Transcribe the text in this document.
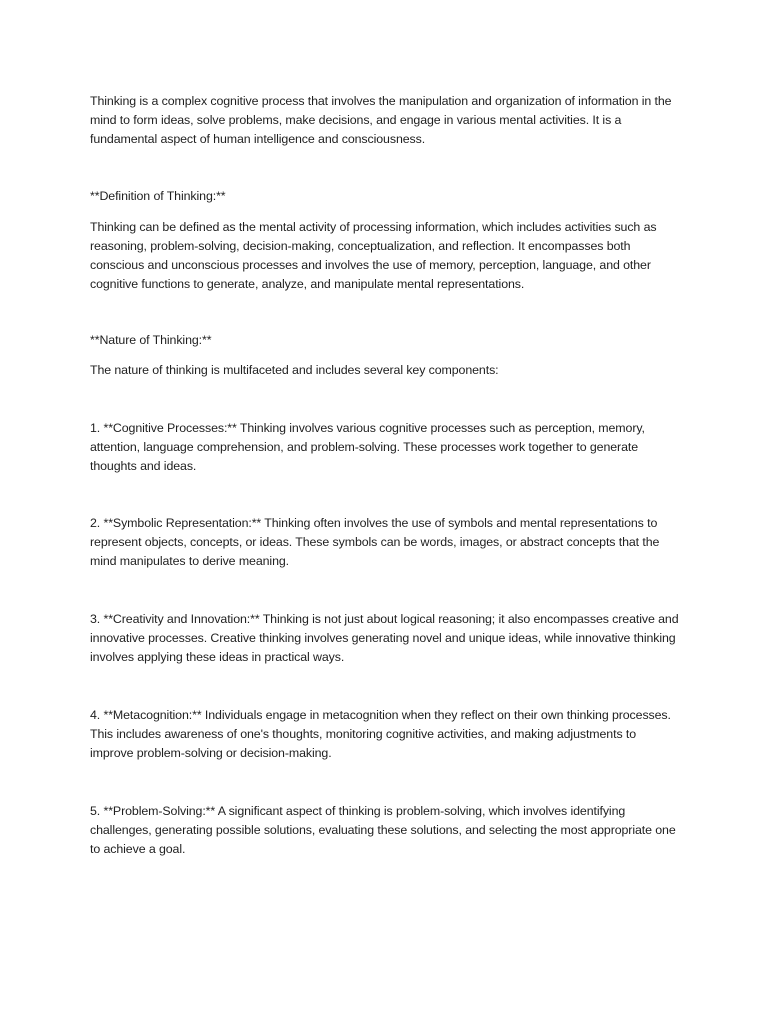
Thinking is a complex cognitive process that involves the manipulation and organization of information in the mind to form ideas, solve problems, make decisions, and engage in various mental activities. It is a fundamental aspect of human intelligence and consciousness.

**Definition of Thinking:**

Thinking can be defined as the mental activity of processing information, which includes activities such as reasoning, problem-solving, decision-making, conceptualization, and reflection. It encompasses both conscious and unconscious processes and involves the use of memory, perception, language, and other cognitive functions to generate, analyze, and manipulate mental representations.

**Nature of Thinking:**

The nature of thinking is multifaceted and includes several key components:

1. **Cognitive Processes:** Thinking involves various cognitive processes such as perception, memory, attention, language comprehension, and problem-solving. These processes work together to generate thoughts and ideas.

2. **Symbolic Representation:** Thinking often involves the use of symbols and mental representations to represent objects, concepts, or ideas. These symbols can be words, images, or abstract concepts that the mind manipulates to derive meaning.

3. **Creativity and Innovation:** Thinking is not just about logical reasoning; it also encompasses creative and innovative processes. Creative thinking involves generating novel and unique ideas, while innovative thinking involves applying these ideas in practical ways.

4. **Metacognition:** Individuals engage in metacognition when they reflect on their own thinking processes. This includes awareness of one's thoughts, monitoring cognitive activities, and making adjustments to improve problem-solving or decision-making.

5. **Problem-Solving:** A significant aspect of thinking is problem-solving, which involves identifying challenges, generating possible solutions, evaluating these solutions, and selecting the most appropriate one to achieve a goal.
